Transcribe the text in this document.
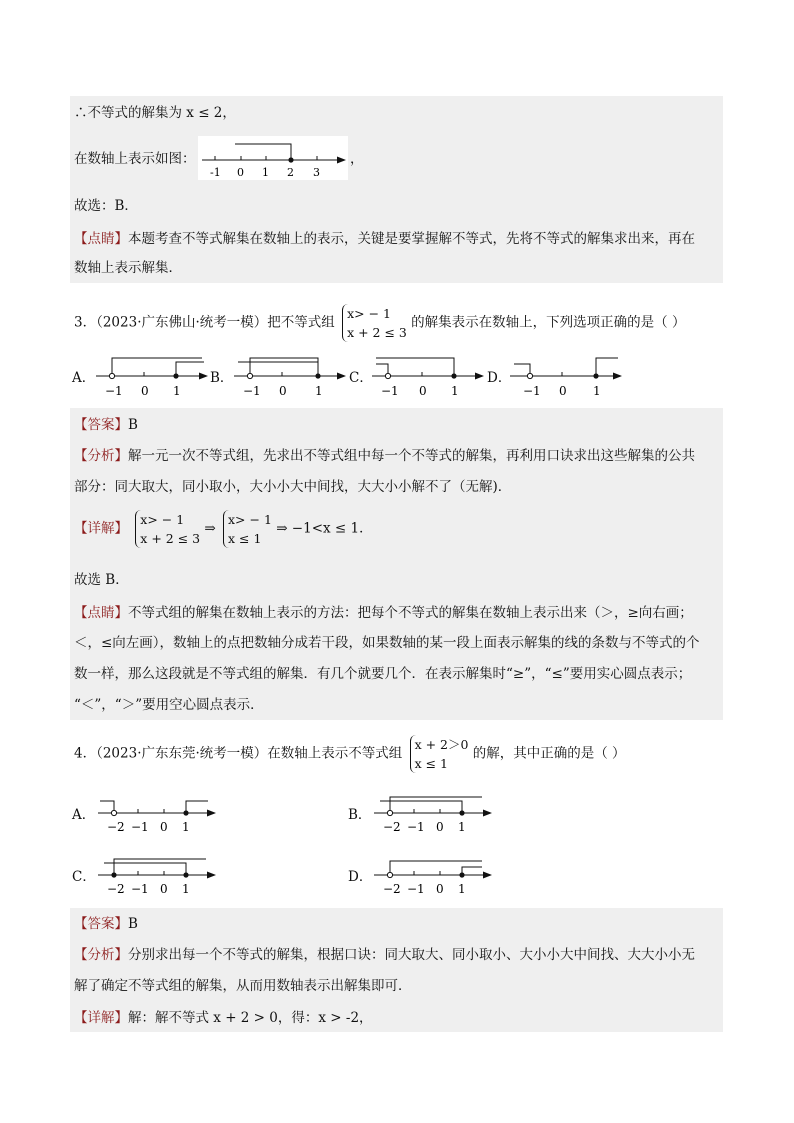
∴不等式的解集为 x ≤ 2，
在数轴上表示如图：
-1 0 1 2 3
，
故选：B．
【点睛】本题考查不等式解集在数轴上的表示，关键是要掌握解不等式，先将不等式的解集求出来，再在
数轴上表示解集．
3．（2023·广东佛山·统考一模）把不等式组
x> − 1
x + 2 ≤ 3
的解集表示在数轴上，下列选项正确的是（ ）
A．
−1 0 1
B．
−1 0 1
C．
−1 0 1
D．
−1 0 1
【答案】B
【分析】解一元一次不等式组，先求出不等式组中每一个不等式的解集，再利用口诀求出这些解集的公共
部分：同大取大，同小取小，大小小大中间找，大大小小解不了（无解)．
【详解】
x> − 1
x + 2 ≤ 3
⇒
x> − 1
x ≤ 1
⇒ −1<x ≤ 1．
故选 B．
【点睛】不等式组的解集在数轴上表示的方法：把每个不等式的解集在数轴上表示出来（＞，≥向右画；
＜，≤向左画），数轴上的点把数轴分成若干段，如果数轴的某一段上面表示解集的线的条数与不等式的个
数一样，那么这段就是不等式组的解集．有几个就要几个．在表示解集时“≥”，“≤”要用实心圆点表示；
“＜”，“＞”要用空心圆点表示．
4．（2023·广东东莞·统考一模）在数轴上表示不等式组
x + 2＞0
x ≤ 1
的解，其中正确的是（ ）
A．
−2 −1 0 1
B．
−2 −1 0 1
C．
−2 −1 0 1
D．
−2 −1 0 1
【答案】B
【分析】分别求出每一个不等式的解集，根据口诀：同大取大、同小取小、大小小大中间找、大大小小无
解了确定不等式组的解集，从而用数轴表示出解集即可．
【详解】解：解不等式 x + 2 > 0，得：x > -2，
